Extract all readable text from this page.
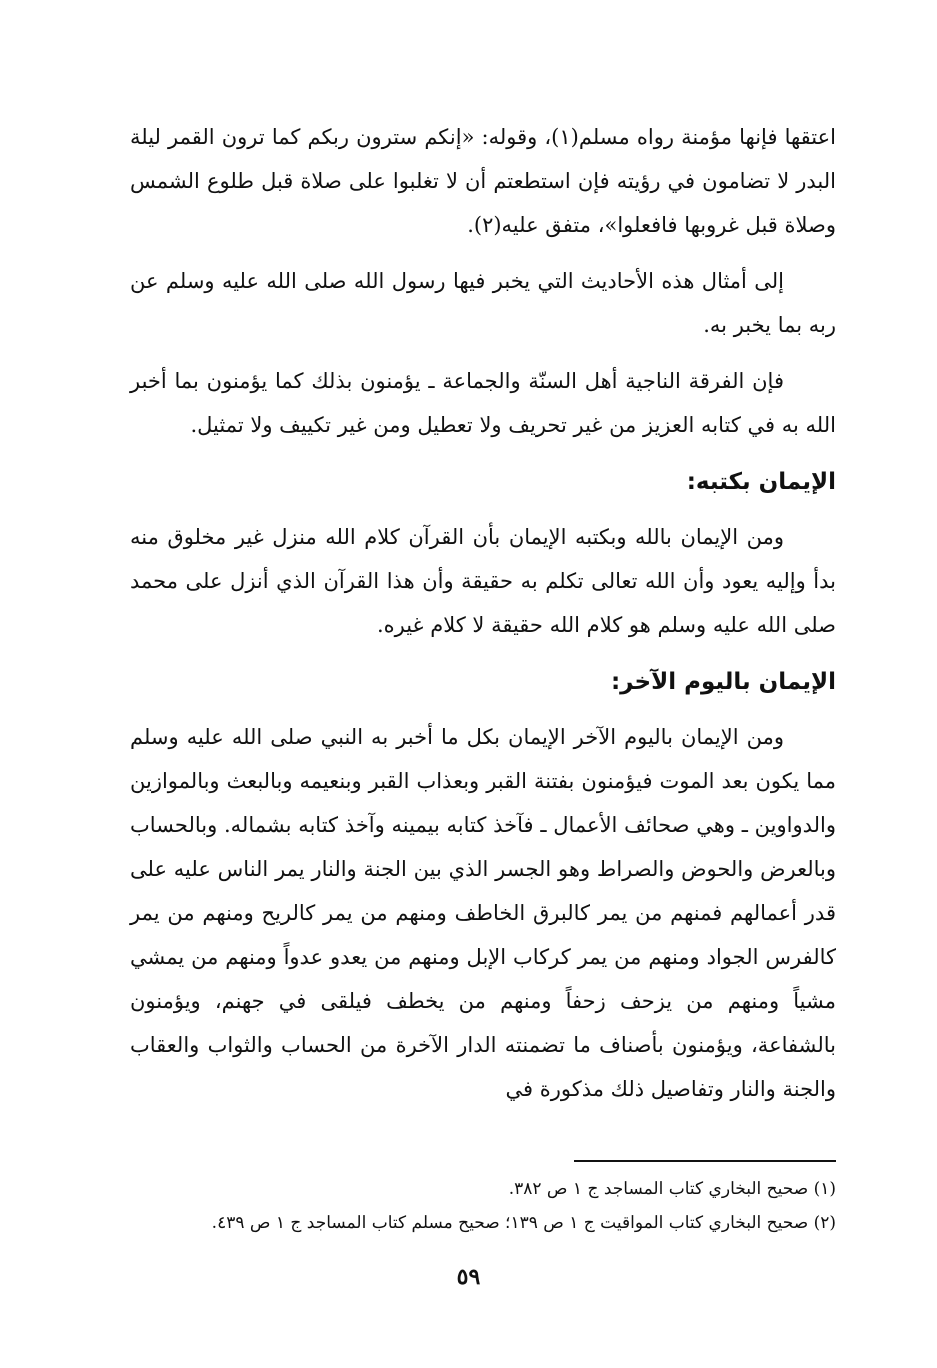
اعتقها فإنها مؤمنة رواه مسلم(١)، وقوله: «إنكم سترون ربكم كما ترون القمر ليلة البدر لا تضامون في رؤيته فإن استطعتم أن لا تغلبوا على صلاة قبل طلوع الشمس وصلاة قبل غروبها فافعلوا»، متفق عليه(٢).

إلى أمثال هذه الأحاديث التي يخبر فيها رسول الله صلى الله عليه وسلم عن ربه بما يخبر به.

فإن الفرقة الناجية أهل السنّة والجماعة ـ يؤمنون بذلك كما يؤمنون بما أخبر الله به في كتابه العزيز من غير تحريف ولا تعطيل ومن غير تكييف ولا تمثيل.

الإيمان بكتبه:

ومن الإيمان بالله وبكتبه الإيمان بأن القرآن كلام الله منزل غير مخلوق منه بدأ وإليه يعود وأن الله تعالى تكلم به حقيقة وأن هذا القرآن الذي أنزل على محمد صلى الله عليه وسلم هو كلام الله حقيقة لا كلام غيره.

الإيمان باليوم الآخر:

ومن الإيمان باليوم الآخر الإيمان بكل ما أخبر به النبي صلى الله عليه وسلم مما يكون بعد الموت فيؤمنون بفتنة القبر وبعذاب القبر وبنعيمه وبالبعث وبالموازين والدواوين ـ وهي صحائف الأعمال ـ فآخذ كتابه بيمينه وآخذ كتابه بشماله. وبالحساب وبالعرض والحوض والصراط وهو الجسر الذي بين الجنة والنار يمر الناس عليه على قدر أعمالهم فمنهم من يمر كالبرق الخاطف ومنهم من يمر كالريح ومنهم من يمر كالفرس الجواد ومنهم من يمر كركاب الإبل ومنهم من يعدو عدواً ومنهم من يمشي مشياً ومنهم من يزحف زحفاً ومنهم من يخطف فيلقى في جهنم، ويؤمنون بالشفاعة، ويؤمنون بأصناف ما تضمنته الدار الآخرة من الحساب والثواب والعقاب والجنة والنار وتفاصيل ذلك مذكورة في

(١) صحيح البخاري كتاب المساجد ج ١ ص ٣٨٢.

(٢) صحيح البخاري كتاب المواقيت ج ١ ص ١٣٩؛ صحيح مسلم كتاب المساجد ج ١ ص ٤٣٩.

٥٩
